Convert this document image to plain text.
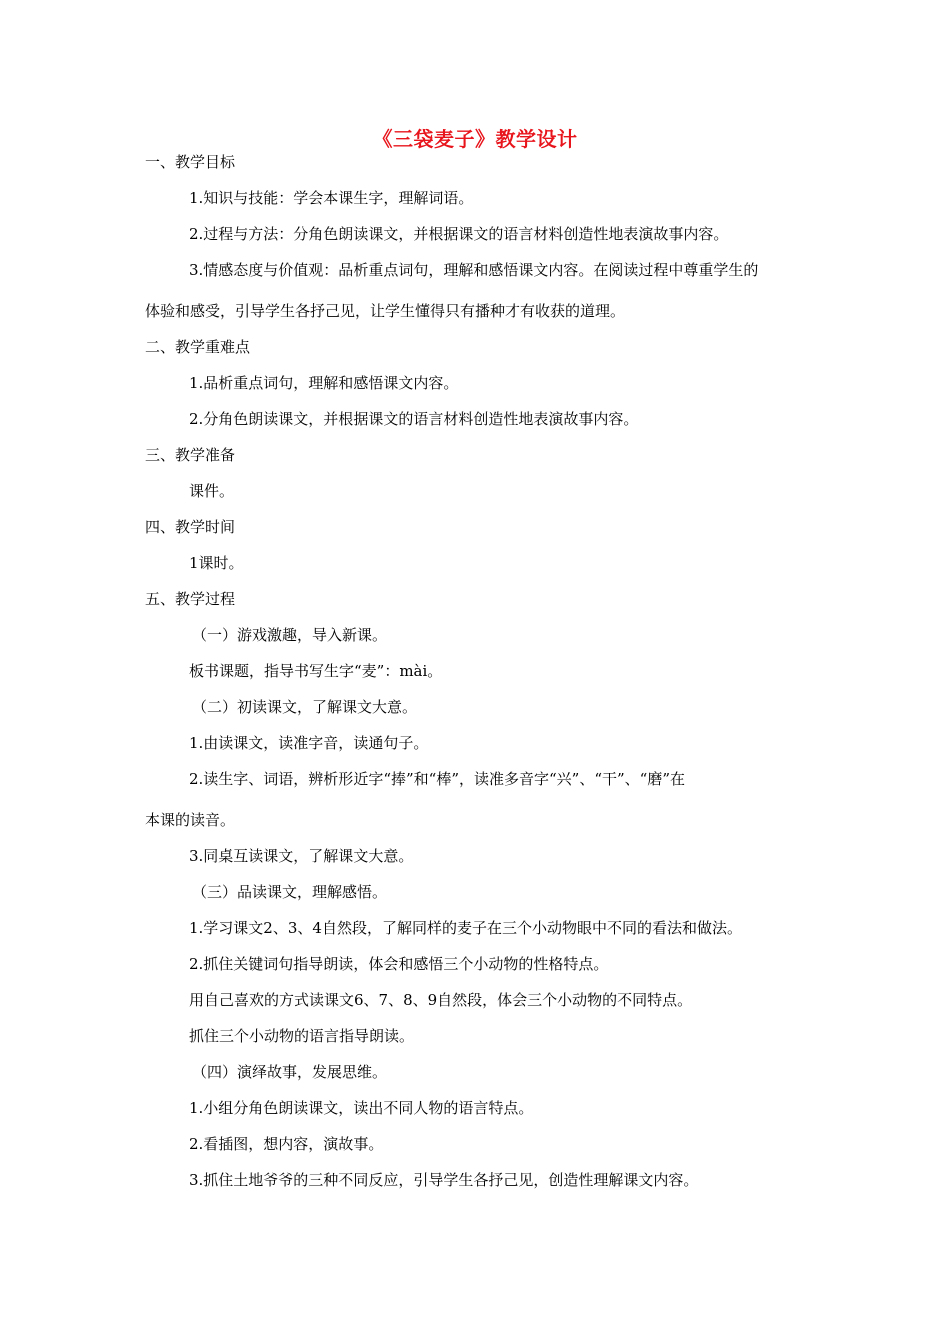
《三袋麦子》教学设计
一、教学目标
1.知识与技能：学会本课生字，理解词语。
2.过程与方法：分角色朗读课文，并根据课文的语言材料创造性地表演故事内容。
3.情感态度与价值观：品析重点词句，理解和感悟课文内容。在阅读过程中尊重学生的
体验和感受，引导学生各抒己见，让学生懂得只有播种才有收获的道理。
二、教学重难点
1.品析重点词句，理解和感悟课文内容。
2.分角色朗读课文，并根据课文的语言材料创造性地表演故事内容。
三、教学准备
课件。
四、教学时间
1课时。
五、教学过程
（一）游戏激趣，导入新课。
板书课题，指导书写生字“麦”：mài。
（二）初读课文，了解课文大意。
1.由读课文，读准字音，读通句子。
2.读生字、词语，辨析形近字“捧”和“棒”，读准多音字“兴”、“干”、“磨”在
本课的读音。
3.同桌互读课文，了解课文大意。
（三）品读课文，理解感悟。
1.学习课文2、3、4自然段，了解同样的麦子在三个小动物眼中不同的看法和做法。
2.抓住关键词句指导朗读，体会和感悟三个小动物的性格特点。
用自己喜欢的方式读课文6、7、8、9自然段，体会三个小动物的不同特点。
抓住三个小动物的语言指导朗读。
（四）演绎故事，发展思维。
1.小组分角色朗读课文，读出不同人物的语言特点。
2.看插图，想内容，演故事。
3.抓住土地爷爷的三种不同反应，引导学生各抒己见，创造性理解课文内容。
